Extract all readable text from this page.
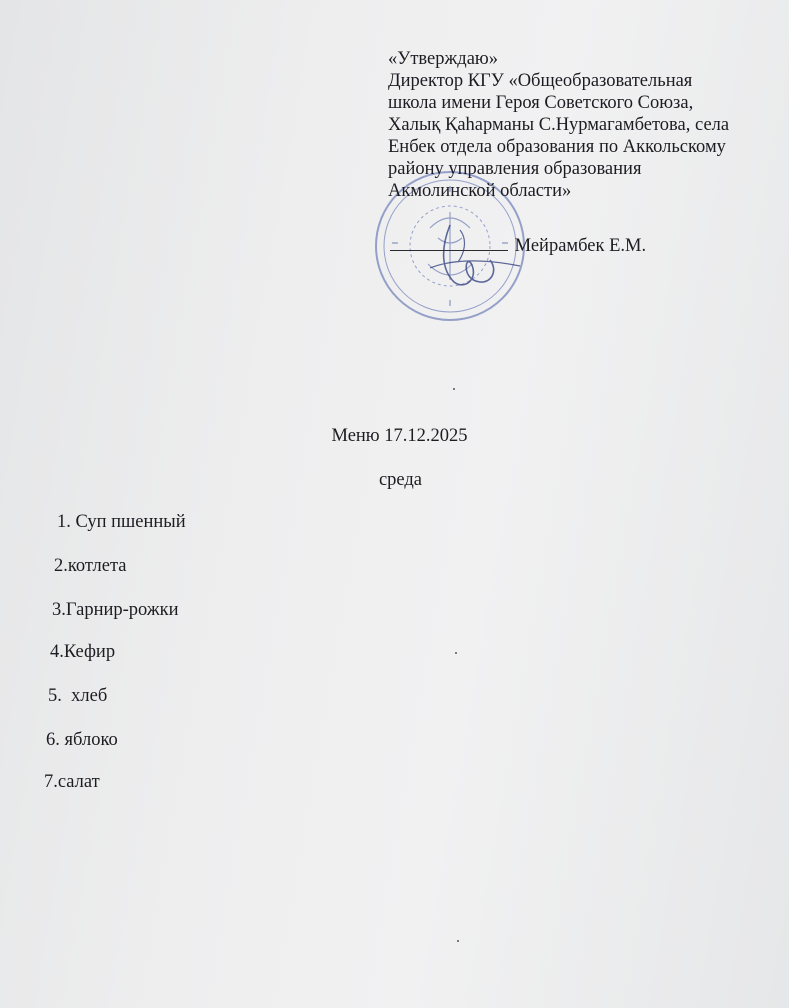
«Утверждаю»
Директор КГУ «Общеобразовательная
школа имени Героя Советского Союза,
Халық Қаһарманы С.Нурмагамбетова, села
Енбек отдела образования по Аккольскому
району управления образования
Акмолинской области»
Мейрамбек Е.М.
Меню 17.12.2025
среда
1. Суп пшенный
2.котлета
3.Гарнир-рожки
4.Кефир
5.  хлеб
6. яблоко
7.салат
